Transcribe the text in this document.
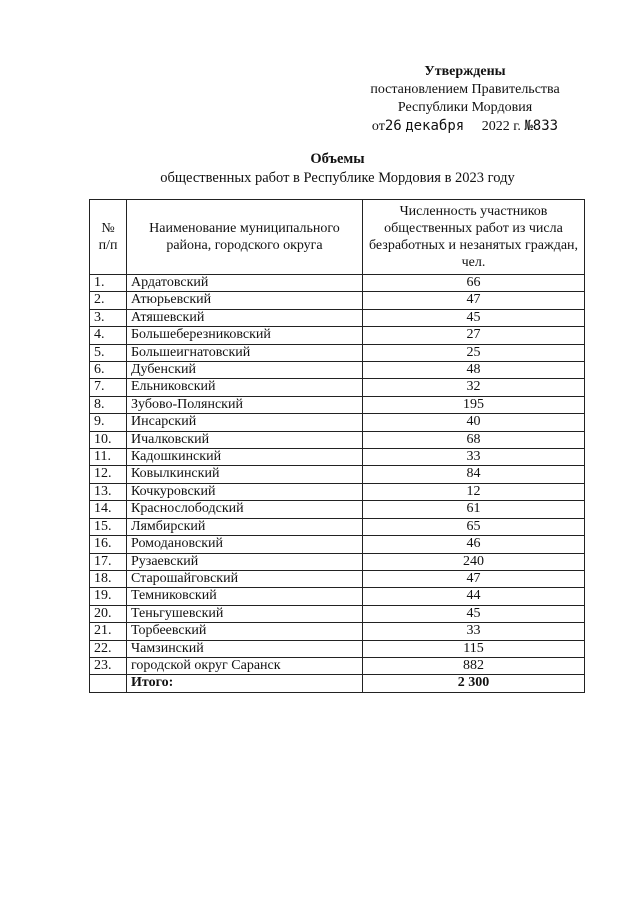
Утверждены
постановлением Правительства
Республики Мордовия
от26 декабря 2022 г. №833
Объемы
общественных работ в Республике Мордовия в 2023 году
№ п/п	Наименование муниципального района, городского округа	Численность участников общественных работ из числа безработных и незанятых граждан, чел.
1.	Ардатовский	66
2.	Атюрьевский	47
3.	Атяшевский	45
4.	Большеберезниковский	27
5.	Большеигнатовский	25
6.	Дубенский	48
7.	Ельниковский	32
8.	Зубово-Полянский	195
9.	Инсарский	40
10.	Ичалковский	68
11.	Кадошкинский	33
12.	Ковылкинский	84
13.	Кочкуровский	12
14.	Краснослободский	61
15.	Лямбирский	65
16.	Ромодановский	46
17.	Рузаевский	240
18.	Старошайговский	47
19.	Темниковский	44
20.	Теньгушевский	45
21.	Торбеевский	33
22.	Чамзинский	115
23.	городской округ Саранск	882
	Итого:	2 300
